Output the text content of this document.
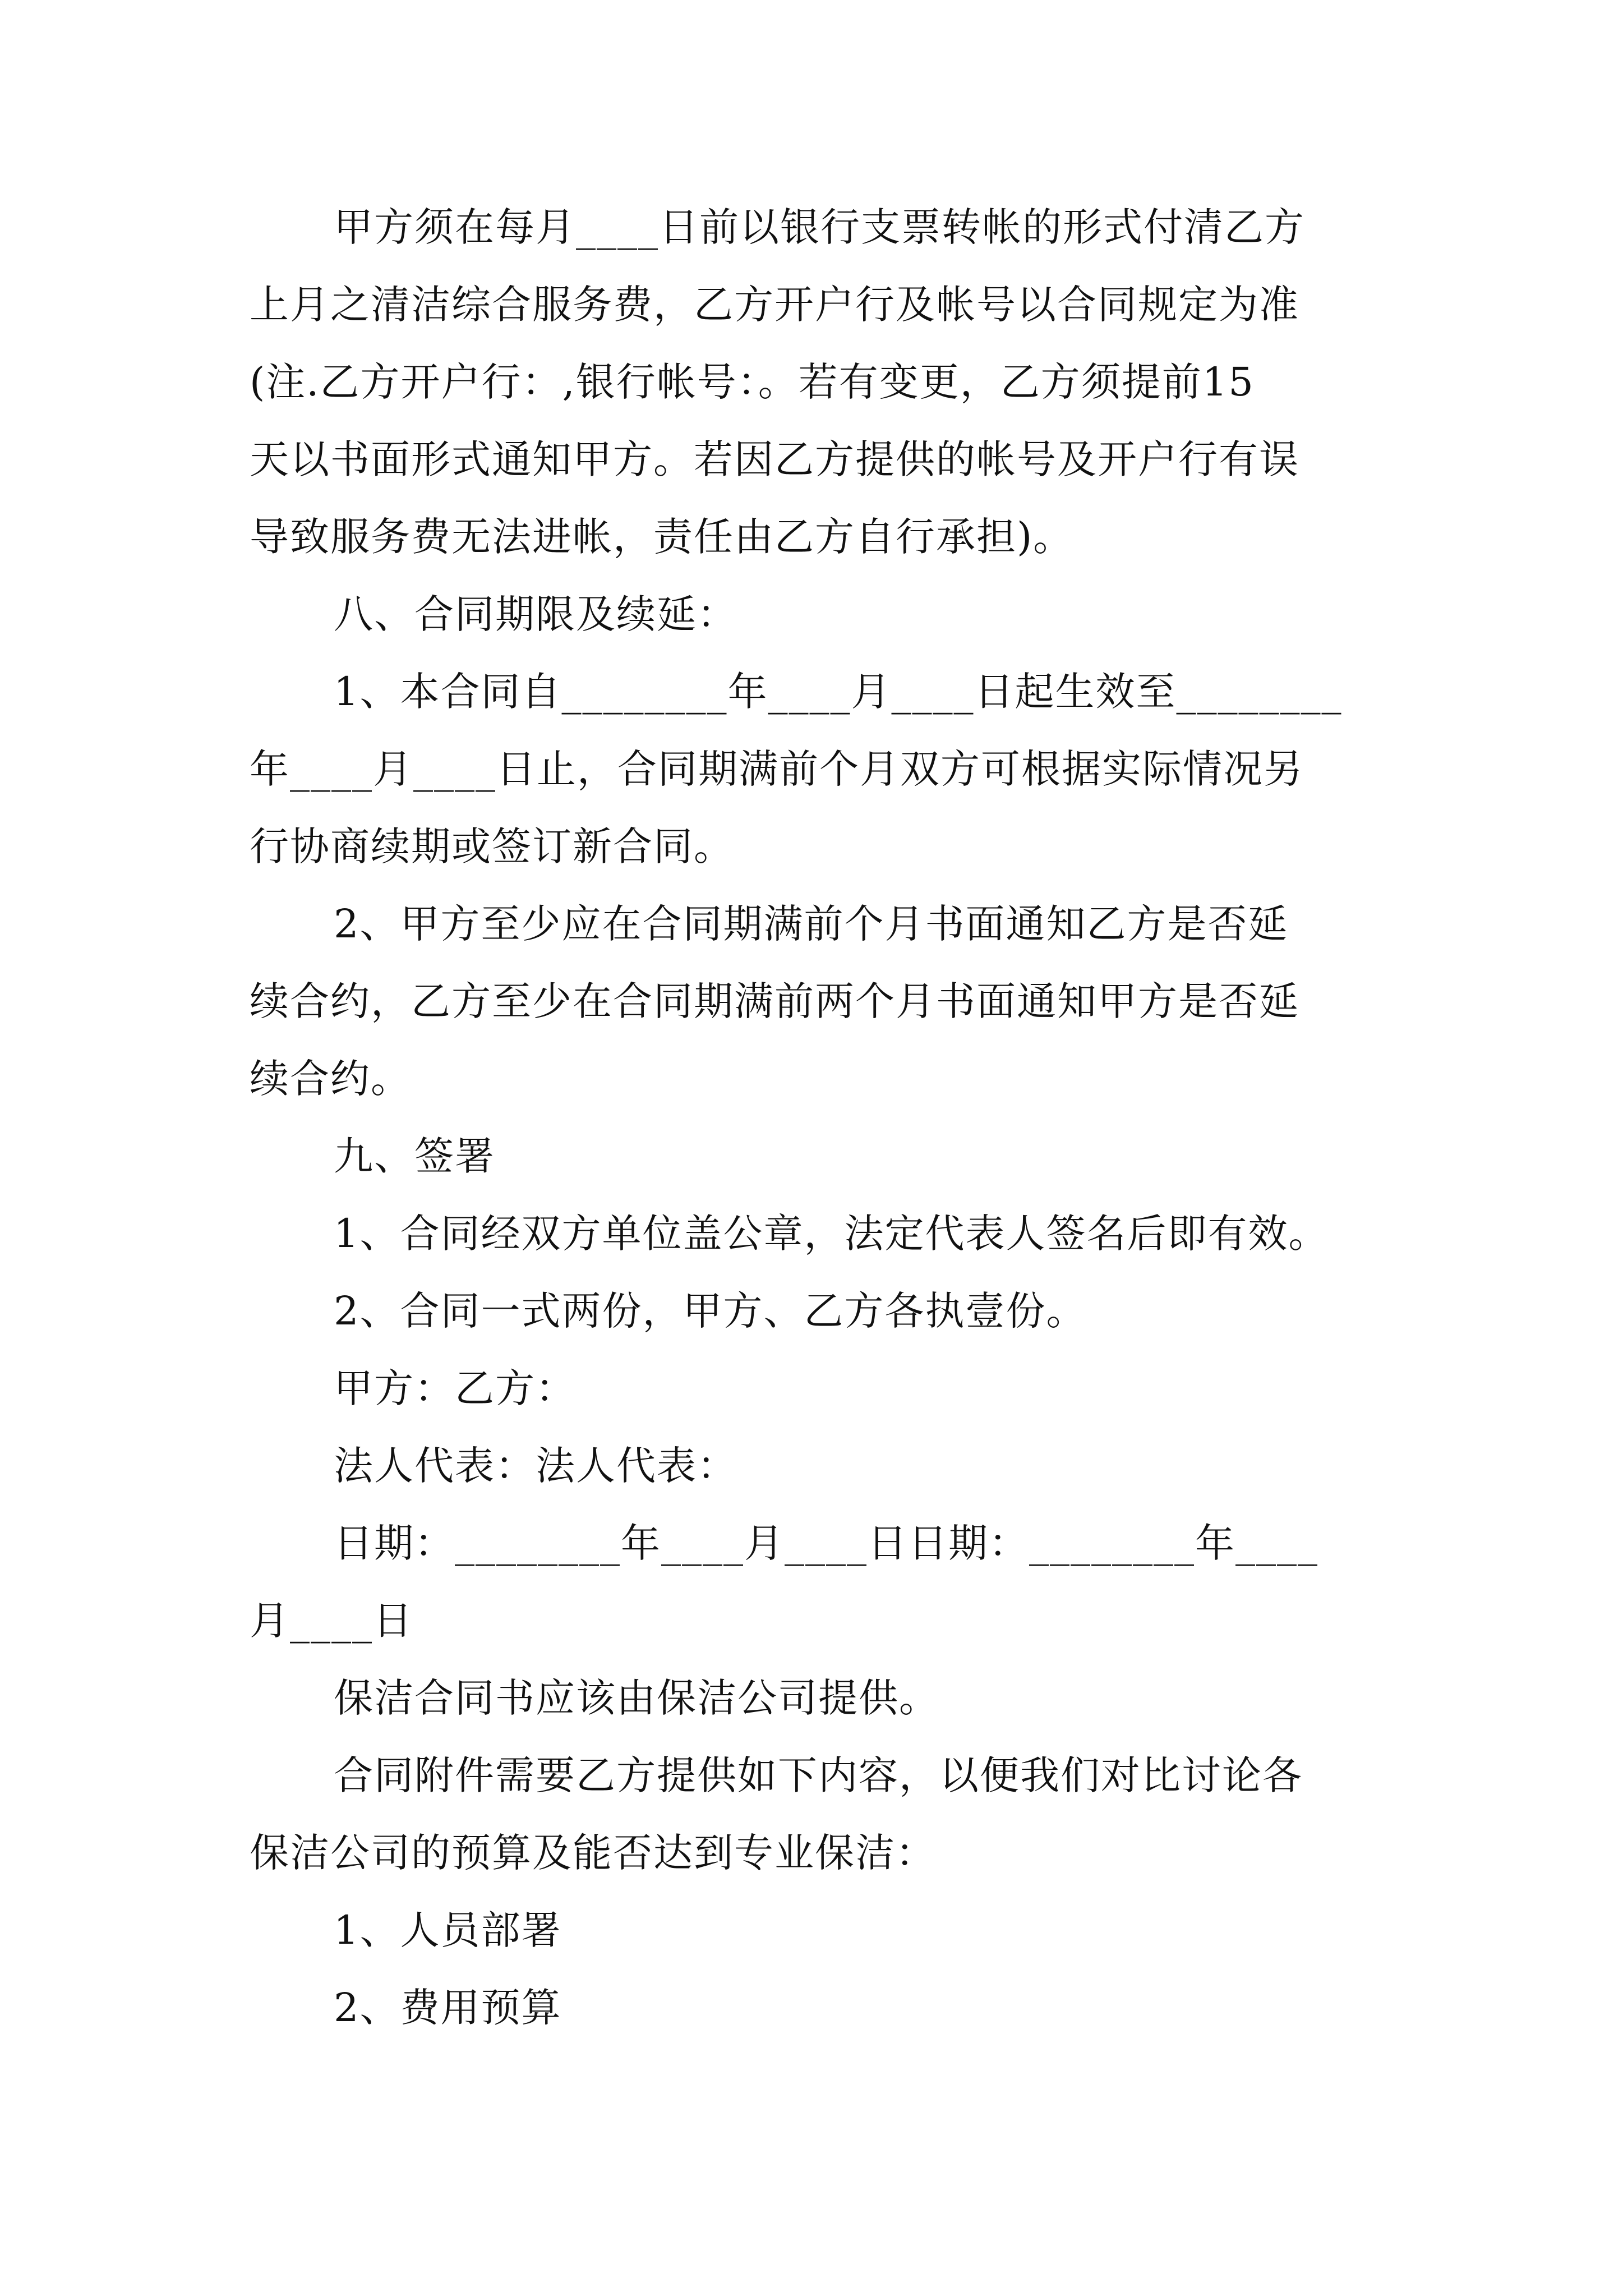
甲方须在每月____日前以银行支票转帐的形式付清乙方
上月之清洁综合服务费，乙方开户行及帐号以合同规定为准
(注.乙方开户行：,银行帐号：。若有变更，乙方须提前15
天以书面形式通知甲方。若因乙方提供的帐号及开户行有误
导致服务费无法进帐，责任由乙方自行承担)。
八、合同期限及续延：
1、本合同自________年____月____日起生效至________
年____月____日止，合同期满前个月双方可根据实际情况另
行协商续期或签订新合同。
2、甲方至少应在合同期满前个月书面通知乙方是否延
续合约，乙方至少在合同期满前两个月书面通知甲方是否延
续合约。
九、签署
1、合同经双方单位盖公章，法定代表人签名后即有效。
2、合同一式两份，甲方、乙方各执壹份。
甲方：乙方：
法人代表：法人代表：
日期：________年____月____日日期：________年____
月____日
保洁合同书应该由保洁公司提供。
合同附件需要乙方提供如下内容，以便我们对比讨论各
保洁公司的预算及能否达到专业保洁：
1、人员部署
2、费用预算
